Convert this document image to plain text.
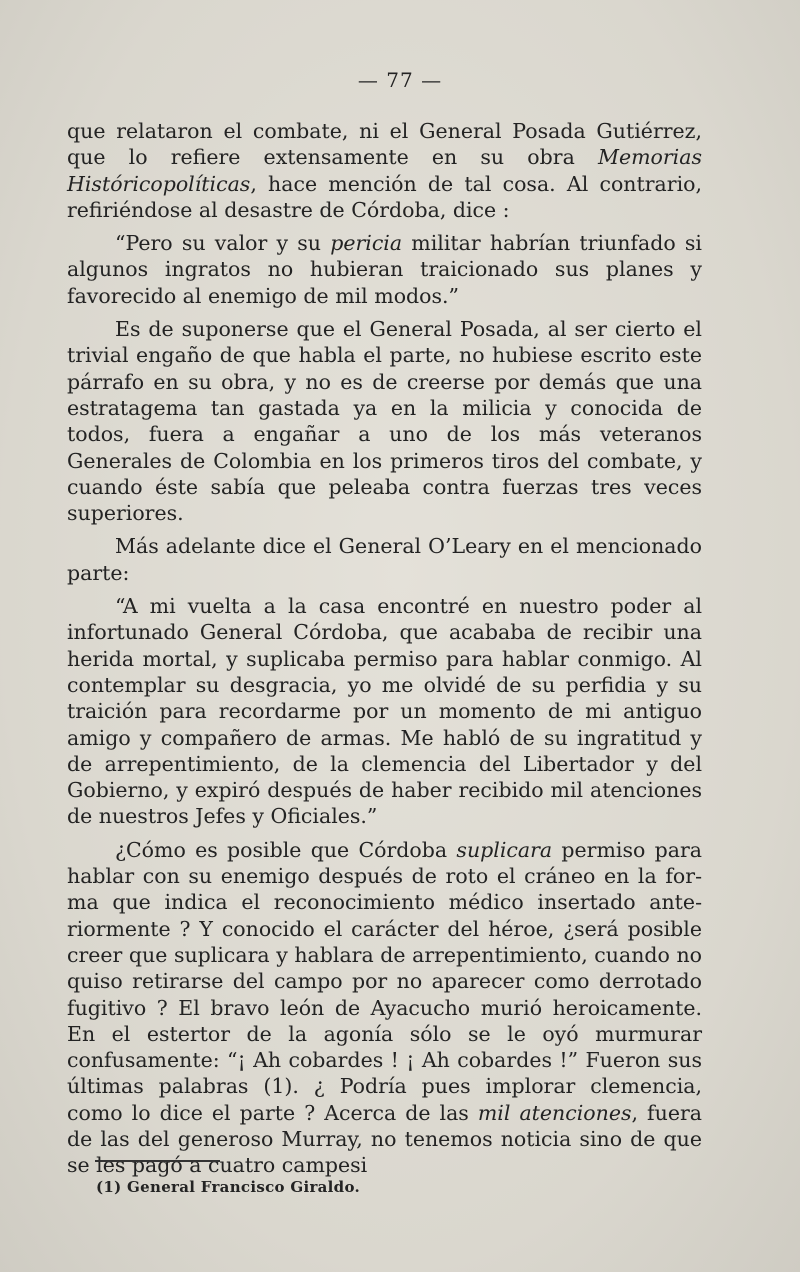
— 77 —

que relataron el combate, ni el General Posada Gutiérrez, que lo refiere extensamente en su obra Memorias Históricopolíticas, hace mención de tal cosa. Al contrario, refiriéndose al desastre de Córdoba, dice :

“Pero su valor y su pericia militar habrían triunfado si algunos ingratos no hubieran traicionado sus planes y favorecido al enemigo de mil modos.”

Es de suponerse que el General Posada, al ser cierto el trivial engaño de que habla el parte, no hubiese escrito este párrafo en su obra, y no es de creerse por demás que una estratagema tan gastada ya en la milicia y conocida de todos, fuera a engañar a uno de los más veteranos Generales de Colombia en los primeros tiros del combate, y cuando éste sabía que peleaba contra fuerzas tres veces superiores.

Más adelante dice el General O’Leary en el mencionado parte:

“A mi vuelta a la casa encontré en nuestro poder al infortunado General Córdoba, que acababa de recibir una herida mortal, y suplicaba permiso para hablar conmigo. Al contemplar su desgracia, yo me olvidé de su perfidia y su traición para recordarme por un momento de mi antiguo amigo y compañero de armas. Me habló de su ingratitud y de arrepentimiento, de la clemencia del Libertador y del Gobierno, y expiró después de haber recibido mil atenciones de nuestros Jefes y Oficiales.”

¿Cómo es posible que Córdoba suplicara permiso para hablar con su enemigo después de roto el cráneo en la forma que indica el reconocimiento médico insertado anteriormente ? Y conocido el carácter del héroe, ¿será posible creer que suplicara y hablara de arrepentimiento, cuando no quiso retirarse del campo por no aparecer como derrotado fugitivo ? El bravo león de Ayacucho murió heroicamente. En el estertor de la agonía sólo se le oyó murmurar confusamente: “¡ Ah cobardes ! ¡ Ah cobardes !” Fueron sus últimas palabras (1). ¿ Podría pues implorar clemencia, como lo dice el parte ? Acerca de las mil atenciones, fuera de las del generoso Murray, no tenemos noticia sino de que se les pagó a cuatro campesi

(1) General Francisco Giraldo.
